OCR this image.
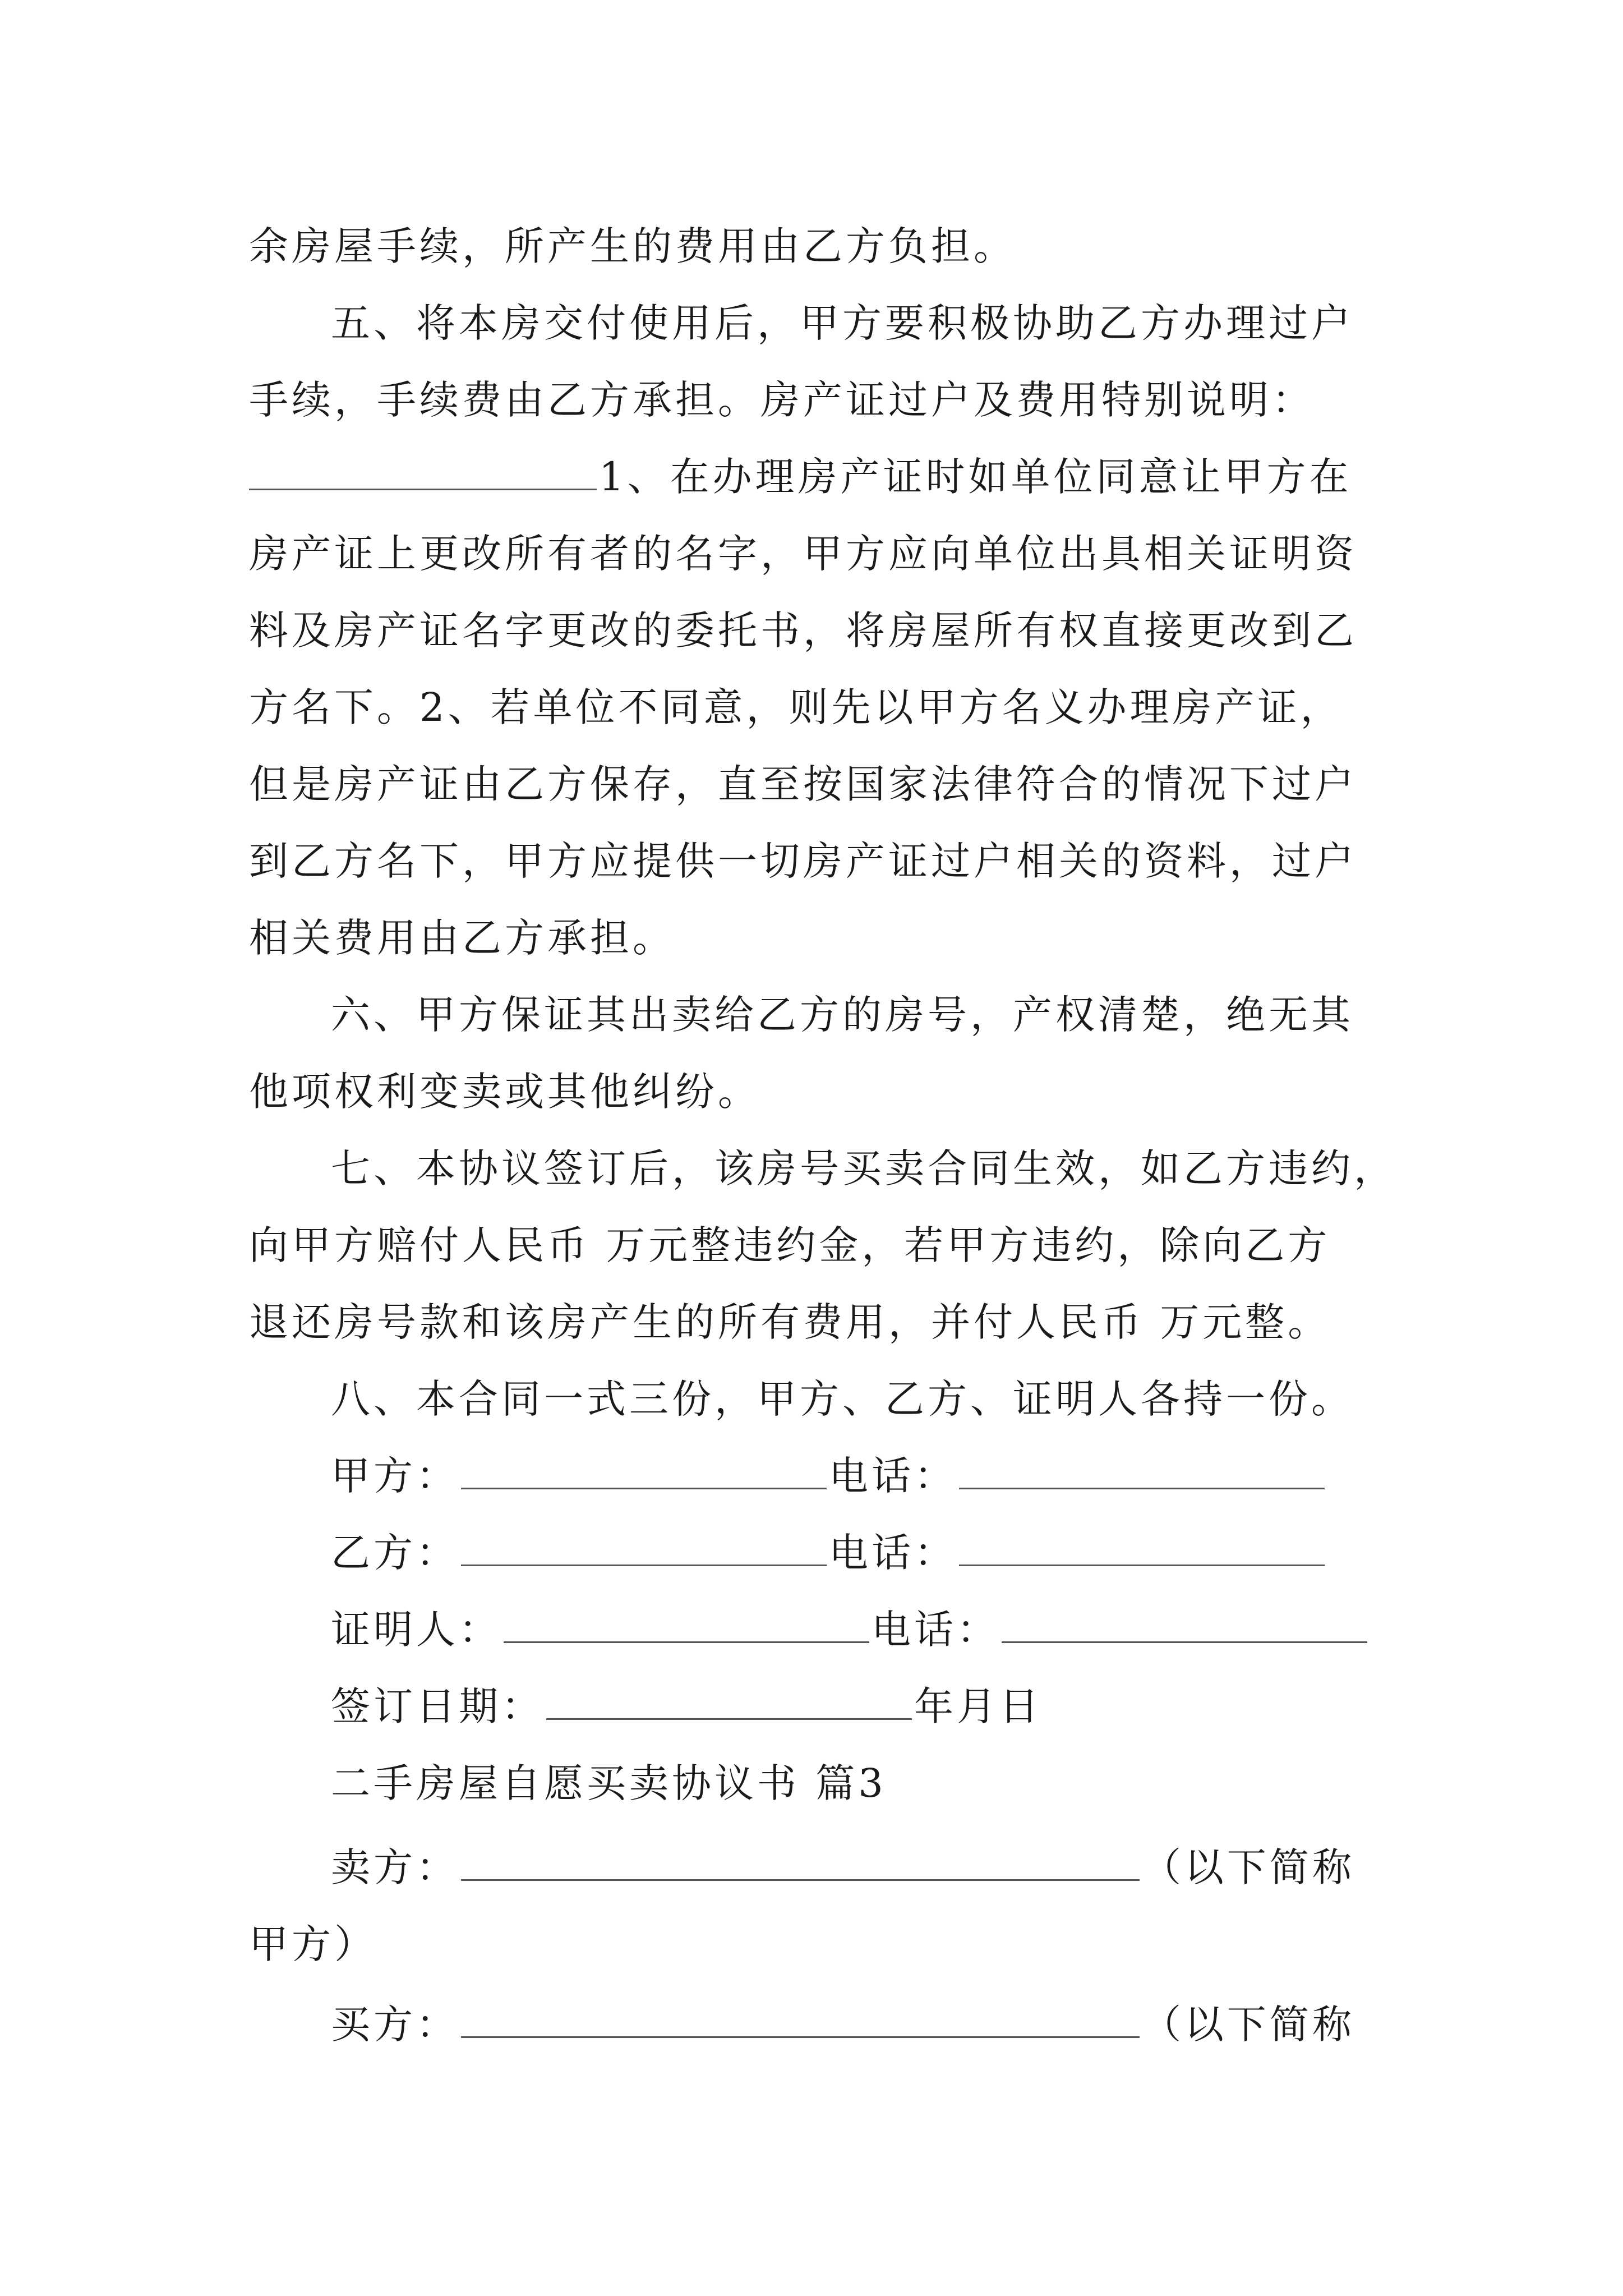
余房屋手续，所产生的费用由乙方负担。
五、将本房交付使用后，甲方要积极协助乙方办理过户
手续，手续费由乙方承担。房产证过户及费用特别说明：
1、在办理房产证时如单位同意让甲方在
房产证上更改所有者的名字，甲方应向单位出具相关证明资
料及房产证名字更改的委托书，将房屋所有权直接更改到乙
方名下。2、若单位不同意，则先以甲方名义办理房产证，
但是房产证由乙方保存，直至按国家法律符合的情况下过户
到乙方名下，甲方应提供一切房产证过户相关的资料，过户
相关费用由乙方承担。
六、甲方保证其出卖给乙方的房号，产权清楚，绝无其
他项权利变卖或其他纠纷。
七、本协议签订后，该房号买卖合同生效，如乙方违约，
向甲方赔付人民币 万元整违约金，若甲方违约，除向乙方
退还房号款和该房产生的所有费用，并付人民币 万元整。
八、本合同一式三份，甲方、乙方、证明人各持一份。
甲方：	电话：
乙方：	电话：
证明人：	电话：
签订日期：	年月日
二手房屋自愿买卖协议书 篇3
卖方：	（以下简称
甲方）
买方：	（以下简称
